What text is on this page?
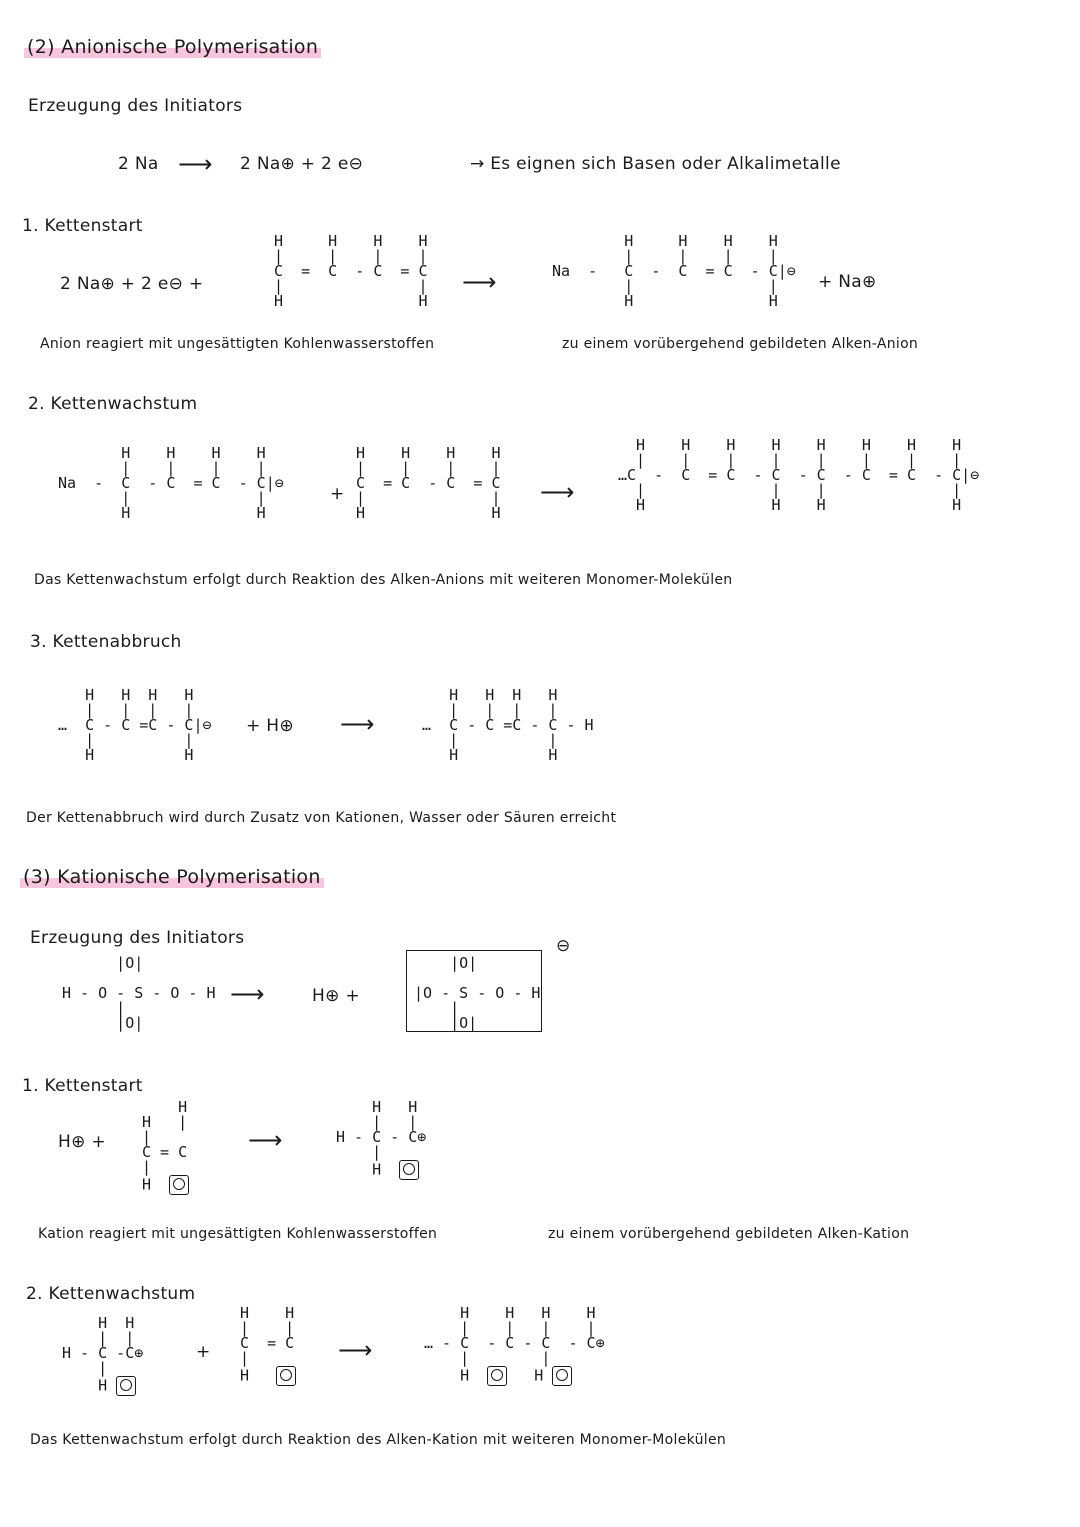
(2) Anionische Polymerisation
Erzeugung des Initiators
2 Na ⟶ 2 Na⊕ + 2 e⊖	→ Es eignen sich Basen oder Alkalimetalle
1. Kettenstart
2 Na⊕ + 2 e⊖ +
H     H    H    H
|     |    |    |
C  =  C  - C  = C
|               |
H               H
⟶
H     H    H    H
|     |    |    |
Na  -   C  -  C  = C  - C|⊖
|               |
H               H
+ Na⊕
Anion reagiert mit ungesättigten Kohlenwasserstoffen	zu einem vorübergehend gebildeten Alken-Anion
2. Kettenwachstum
H    H    H    H
|    |    |    |
Na  -  C  - C  = C  - C|⊖
|              |
H              H
+
H    H    H    H
|    |    |    |
C  = C  - C  = C
|              |
H              H
⟶
H    H    H    H    H    H    H    H
|    |    |    |    |    |    |    |
…C  -  C  = C  - C  - C  - C  = C  - C|⊖
|              |    |              |
H              H    H              H
Das Kettenwachstum erfolgt durch Reaktion des Alken-Anions mit weiteren Monomer-Molekülen
3. Kettenabbruch
H   H  H   H
|   |  |   |
…  C - C =C - C|⊖
|          |
H          H
+ H⊕ ⟶
H   H  H   H
|   |  |   |
…  C - C =C - C - H
|          |
H          H
Der Kettenabbruch wird durch Zusatz von Kationen, Wasser oder Säuren erreicht
(3) Kationische Polymerisation
Erzeugung des Initiators
|O|

H - O - S - O - H
|
|O|
⟶	H⊕ +
|O|

|O - S - O - H
|
|O|
⊖
1. Kettenstart
H⊕ +
H
H   |
|
C = C
|
H
⟶
H   H
|   |
H - C - C⊕
|
H
Kation reagiert mit ungesättigten Kohlenwasserstoffen	zu einem vorübergehend gebildeten Alken-Kation
2. Kettenwachstum
H  H
|  |
H - C -C⊕
|
H
+
H    H
|    |
C  = C
|
H
⟶
H    H   H    H
|    |   |    |
… - C  - C - C  - C⊕
|        |
H	H
Das Kettenwachstum erfolgt durch Reaktion des Alken-Kation mit weiteren Monomer-Molekülen
